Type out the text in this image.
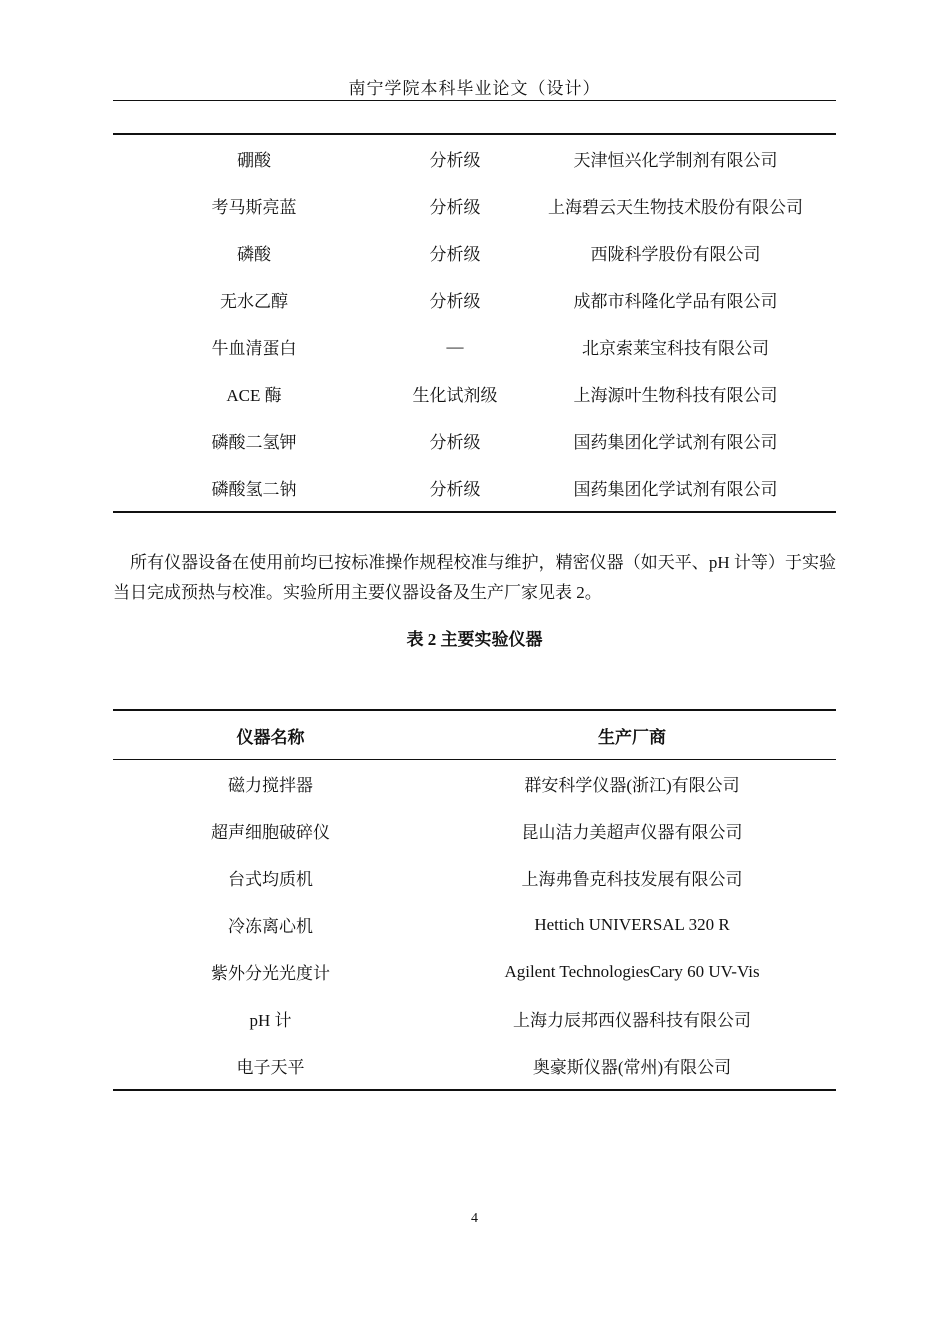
南宁学院本科毕业论文（设计）
硼酸	分析级	天津恒兴化学制剂有限公司
考马斯亮蓝	分析级	上海碧云天生物技术股份有限公司
磷酸	分析级	西陇科学股份有限公司
无水乙醇	分析级	成都市科隆化学品有限公司
牛血清蛋白	—	北京索莱宝科技有限公司
ACE 酶	生化试剂级	上海源叶生物科技有限公司
磷酸二氢钾	分析级	国药集团化学试剂有限公司
磷酸氢二钠	分析级	国药集团化学试剂有限公司
　所有仪器设备在使用前均已按标准操作规程校准与维护，精密仪器（如天平、pH 计等）于实验当日完成预热与校准。实验所用主要仪器设备及生产厂家见表 2。
表 2 主要实验仪器
仪器名称	生产厂商
磁力搅拌器	群安科学仪器(浙江)有限公司
超声细胞破碎仪	昆山洁力美超声仪器有限公司
台式均质机	上海弗鲁克科技发展有限公司
冷冻离心机	Hettich UNIVERSAL 320 R
紫外分光光度计	Agilent TechnologiesCary 60 UV-Vis
pH 计	上海力辰邦西仪器科技有限公司
电子天平	奥豪斯仪器(常州)有限公司
4
